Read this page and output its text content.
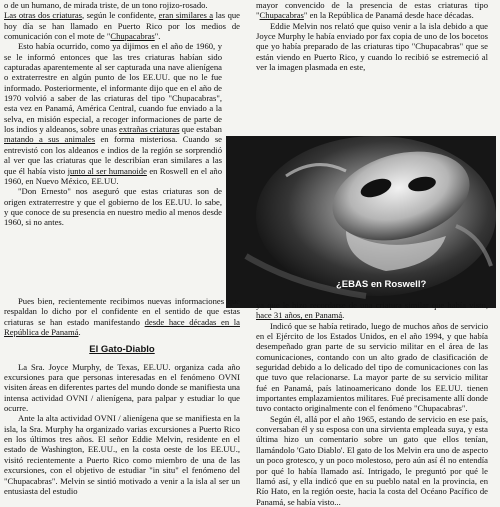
o de un humano, de mirada triste, de un tono rojizo-rosado.
Las otras dos criaturas, según le confidente, eran similares a las que hoy día se han llamado en Puerto Rico por los medios de comunicación con el mote de "Chupacabras".

Esto había ocurrido, como ya dijimos en el año de 1960, y se le informó entonces que las tres criaturas habían sido capturadas aparentemente al ser capturada una nave alienígena o extraterrestre en algún punto de los EE.UU. que no le fue informado. Posteriormente, el informante dijo que en el año de 1970 volvió a saber de las criaturas del tipo "Chupacabras", esta vez en Panamá, América Central, cuando fue enviado a la selva, en misión especial, a recoger informaciones de parte de los indios y aldeanos, sobre unas extrañas criaturas que estaban matando a sus animales en forma misteriosa. Cuando se entrevistó con los aldeanos e indios de la región se sorprendió al ver que las criaturas que le describían eran similares a las que él había visto junto al ser humanoide en Roswell en el año 1960, en Nuevo México, EE.UU.

"Don Ernesto" nos aseguró que estas criaturas son de origen extraterrestre y que el gobierno de los EE.UU. lo sabe, y que conoce de su presencia en nuestro medio al menos desde 1960, si no antes.

mayor convencido de la presencia de estas criaturas tipo "Chupacabras" en la República de Panamá desde hace décadas.

Eddie Melvin nos relató que quiso venir a la isla debido a que Joyce Murphy le había enviado por fax copia de uno de los bocetos que yo había preparado de las criaturas tipo "Chupacabras" que se están viendo en Puerto Rico, y cuando lo recibió se estremeció al ver la imagen plasmada en este,

¿EBAS en Roswell?

Pues bien, recientemente recibimos nuevas informaciones que respaldan lo dicho por el confidente en el sentido de que estas criaturas se han estado manifestando desde hace décadas en la República de Panamá.

El Gato-Diablo

La Sra. Joyce Murphy, de Texas, EE.UU. organiza cada año excursiones para que personas interesadas en el fenómeno OVNI visiten áreas en diferentes partes del mundo donde se manifiesta una intensa actividad OVNI / alienígena, para palpar y estudiar lo que ocurre.

Ante la alta actividad OVNI / alienígena que se manifiesta en la isla, la Sra. Murphy ha organizado varias excursiones a Puerto Rico en los últimos tres años. El señor Eddie Melvin, residente en el estado de Washington, EE.UU., en la costa oeste de los EE.UU., visitó recientemente a Puerto Rico como miembro de una de las excursiones, con el objetivo de estudiar "in situ" el fenómeno del "Chupacabras". Melvin se sintió motivado a venir a la isla al ser un entusiasta del estudio

ya que le hizo recordarse de una criatura similar que había visto, hace 31 años, en Panamá.

Indicó que se había retirado, luego de muchos años de servicio en el Ejército de los Estados Unidos, en el año 1994, y que había desempeñado gran parte de su servicio militar en el área de las comunicaciones, contando con un alto grado de clasificación de seguridad debido a lo delicado del tipo de comunicaciones con las que tuvo que relacionarse. La mayor parte de su servicio militar fué en Panamá, país latinoamericano donde los EE.UU. tienen importantes emplazamientos militares. Fué precisamente allí donde tuvo contacto originalmente con el fenómeno "Chupacabras".

Según él, allá por el año 1965, estando de servicio en ese país, conversaban él y su esposa con una sirvienta empleada suya, y esta última hizo un comentario sobre un gato que ellos tenían, llamándolo 'Gato Diablo'. El gato de los Melvin era uno de aspecto un poco grotesco, y un poco molestoso, pero aún así él no entendía por qué lo había llamado así. Intrigado, le preguntó por qué le llamó así, y ella indicó que en su pueblo natal en la provincia, en Río Hato, en la región oeste, hacia la costa del Océano Pacífico de Panamá, se había visto...
